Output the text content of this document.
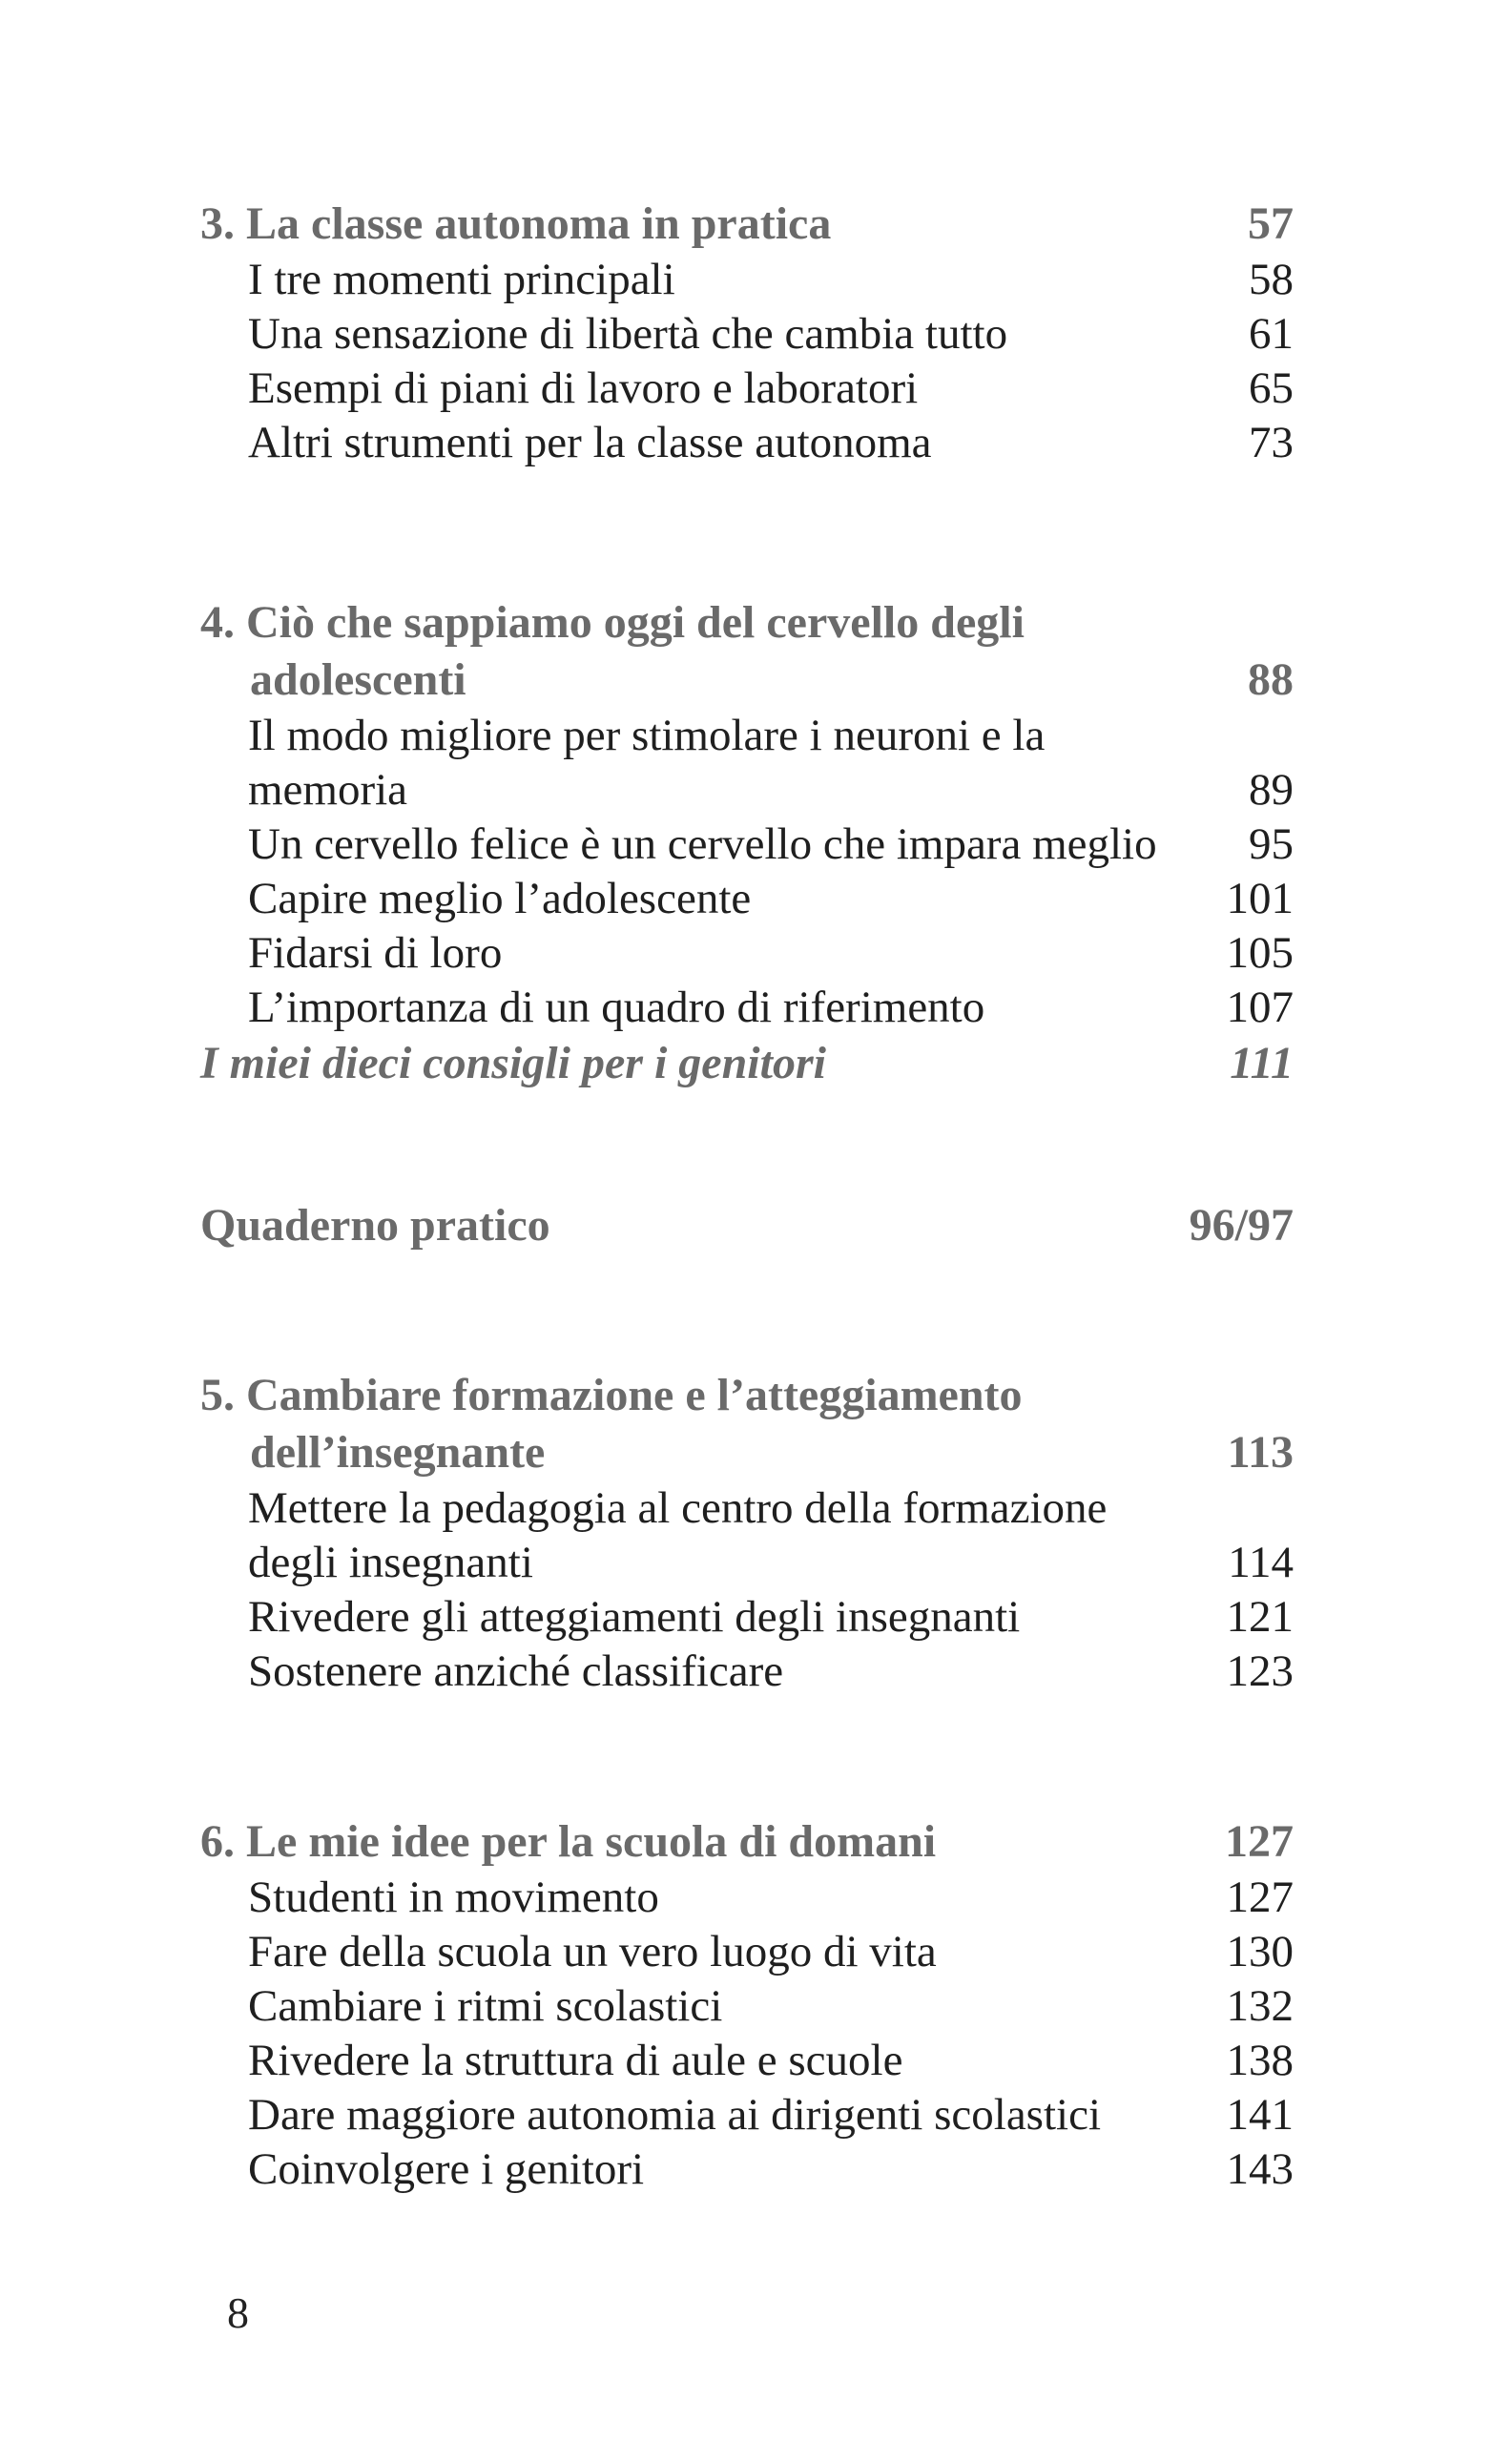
3. La classe autonoma in pratica	57
I tre momenti principali	58
Una sensazione di libertà che cambia tutto	61
Esempi di piani di lavoro e laboratori	65
Altri strumenti per la classe autonoma	73
4. Ciò che sappiamo oggi del cervello degli
adolescenti	88
Il modo migliore per stimolare i neuroni e la
memoria	89
Un cervello felice è un cervello che impara meglio	95
Capire meglio l’adolescente	101
Fidarsi di loro	105
L’importanza di un quadro di riferimento	107
I miei dieci consigli per i genitori	111
Quaderno pratico	96/97
5. Cambiare formazione e l’atteggiamento
dell’insegnante	113
Mettere la pedagogia al centro della formazione
degli insegnanti	114
Rivedere gli atteggiamenti degli insegnanti	121
Sostenere anziché classificare	123
6. Le mie idee per la scuola di domani	127
Studenti in movimento	127
Fare della scuola un vero luogo di vita	130
Cambiare i ritmi scolastici	132
Rivedere la struttura di aule e scuole	138
Dare maggiore autonomia ai dirigenti scolastici	141
Coinvolgere i genitori	143
8
